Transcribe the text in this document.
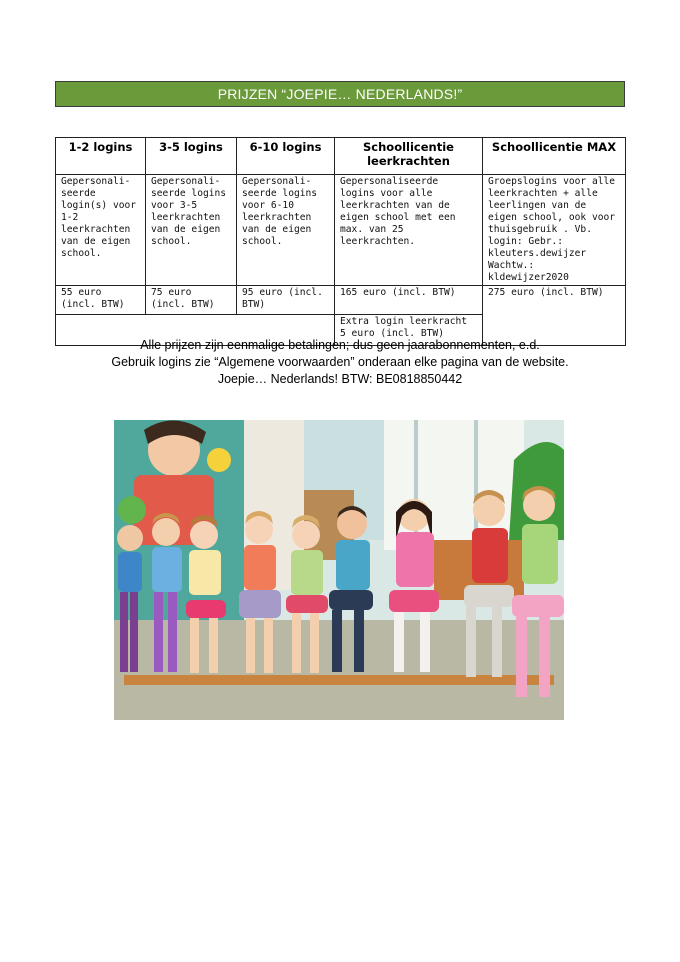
PRIJZEN “JOEPIE… NEDERLANDS!”
1-2 logins	3-5 logins	6-10 logins	Schoollicentie leerkrachten	Schoollicentie MAX
Gepersonali-seerde login(s) voor 1-2 leerkrachten van de eigen school.	Gepersonali-seerde logins voor 3-5 leerkrachten van de eigen school.	Gepersonali-seerde logins voor 6-10 leerkrachten van de eigen school.	Gepersonaliseerde logins voor alle leerkrachten van de eigen school met een max. van 25 leerkrachten.	Groepslogins voor alle leerkrachten + alle leerlingen van de eigen school, ook voor thuisgebruik . Vb. login: Gebr.: kleuters.dewijzer Wachtw.: kldewijzer2020
55 euro (incl. BTW)	75 euro (incl. BTW)	95 euro (incl. BTW)	165 euro (incl. BTW)	275 euro (incl. BTW)
			Extra login leerkracht 5 euro (incl. BTW)	
Alle prijzen zijn eenmalige betalingen; dus geen jaarabonnementen, e.d.
Gebruik logins zie “Algemene voorwaarden” onderaan elke pagina van de website.
Joepie… Nederlands! BTW: BE0818850442
